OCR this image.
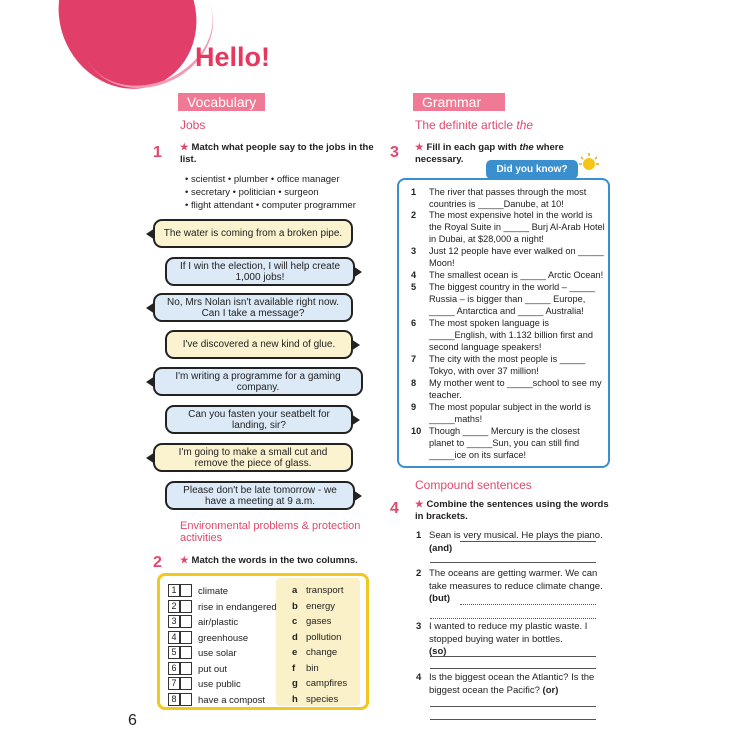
Hello!
Vocabulary
Jobs
1 ★ Match what people say to the jobs in the list.
• scientist • plumber • office manager
• secretary • politician • surgeon
• flight attendant • computer programmer
The water is coming from a broken pipe.
If I win the election, I will help create 1,000 jobs!
No, Mrs Nolan isn't available right now. Can I take a message?
I've discovered a new kind of glue.
I'm writing a programme for a gaming company.
Can you fasten your seatbelt for landing, sir?
I'm going to make a small cut and remove the piece of glass.
Please don't be late tomorrow - we have a meeting at 9 a.m.
Environmental problems & protection activities
2 ★ Match the words in the two columns.
1	climate	a transport
2	rise in endangered b energy
3	air/plastic	c gases
4	greenhouse	d pollution
5	use solar	e change
6	put out	f bin
7	use public	g campfires
8	have a compost	h species
Grammar
The definite article the
3 ★ Fill in each gap with the where necessary.
Did you know?
1 The river that passes through the most countries is _____Danube, at 10!
2 The most expensive hotel in the world is the Royal Suite in _____ Burj Al-Arab Hotel in Dubai, at $28,000 a night!
3 Just 12 people have ever walked on _____ Moon!
4 The smallest ocean is _____ Arctic Ocean!
5 The biggest country in the world – _____ Russia – is bigger than _____ Europe, _____ Antarctica and _____ Australia!
6 The most spoken language is _____English, with 1.132 billion first and second language speakers!
7 The city with the most people is _____ Tokyo, with over 37 million!
8 My mother went to _____school to see my teacher.
9 The most popular subject in the world is _____maths!
10 Though _____ Mercury is the closest planet to _____Sun, you can still find _____ice on its surface!
Compound sentences
4 ★ Combine the sentences using the words in brackets.
1 Sean is very musical. He plays the piano.
(and)
2 The oceans are getting warmer. We can take measures to reduce climate change.
(but)
3 I wanted to reduce my plastic waste. I stopped buying water in bottles.
(so)
4 Is the biggest ocean the Atlantic? Is the biggest ocean the Pacific? (or)
6
